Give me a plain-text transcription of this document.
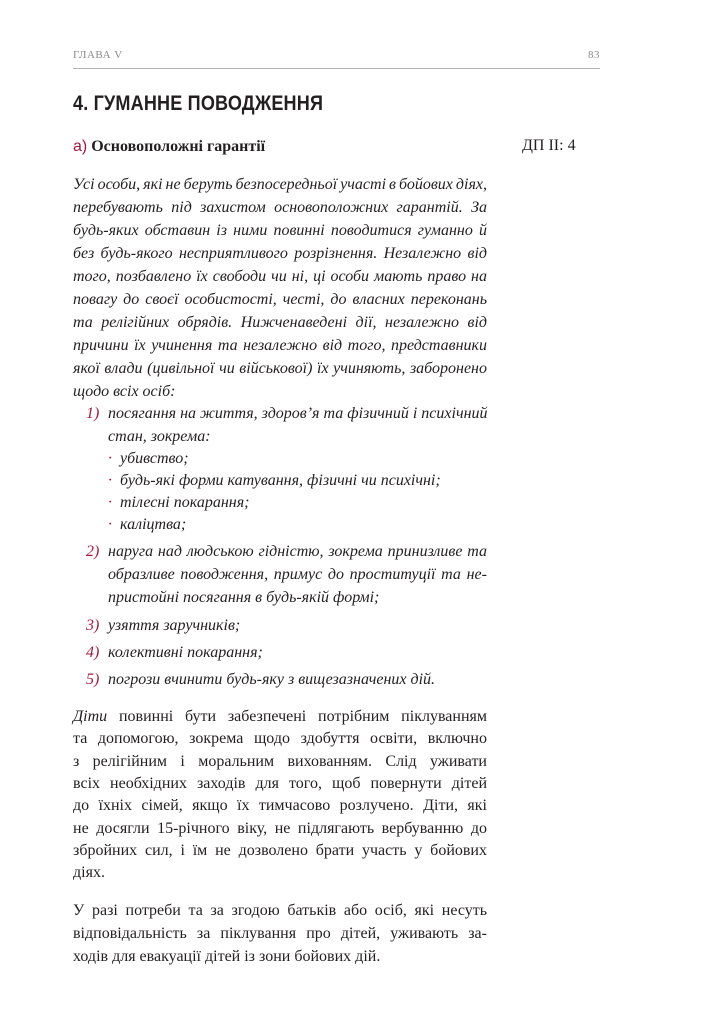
ГЛАВА V	83
4. ГУМАННЕ ПОВОДЖЕННЯ
а) Основоположні гарантії	ДП II: 4
Усі особи, які не беруть безпосередньої участі в бойових діях,
перебувають під захистом основоположних гарантій. За
будь-яких обставин із ними повинні поводитися гуманно й
без будь-якого несприятливого розрізнення. Незалежно від
того, позбавлено їх свободи чи ні, ці особи мають право на
повагу до своєї особистості, честі, до власних переконань
та релігійних обрядів. Нижченаведені дії, незалежно від
причини їх учинення та незалежно від того, представники
якої влади (цивільної чи військової) їх учиняють, заборонено
щодо всіх осіб:
1) посягання на життя, здоров’я та фізичний і психічний
стан, зокрема:
· убивство;
· будь-які форми катування, фізичні чи психічні;
· тілесні покарання;
· каліцтва;
2) наруга над людською гідністю, зокрема принизливе та
образливе поводження, примус до проституції та не-
пристойні посягання в будь-якій формі;
3) узяття заручників;
4) колективні покарання;
5) погрози вчинити будь-яку з вищезазначених дій.
Діти повинні бути забезпечені потрібним піклуванням
та допомогою, зокрема щодо здобуття освіти, включно
з релігійним і моральним вихованням. Слід уживати
всіх необхідних заходів для того, щоб повернути дітей
до їхніх сімей, якщо їх тимчасово розлучено. Діти, які
не досягли 15-річного віку, не підлягають вербуванню до
збройних сил, і їм не дозволено брати участь у бойових
діях.
У разі потреби та за згодою батьків або осіб, які несуть
відповідальність за піклування про дітей, уживають за-
ходів для евакуації дітей із зони бойових дій.
